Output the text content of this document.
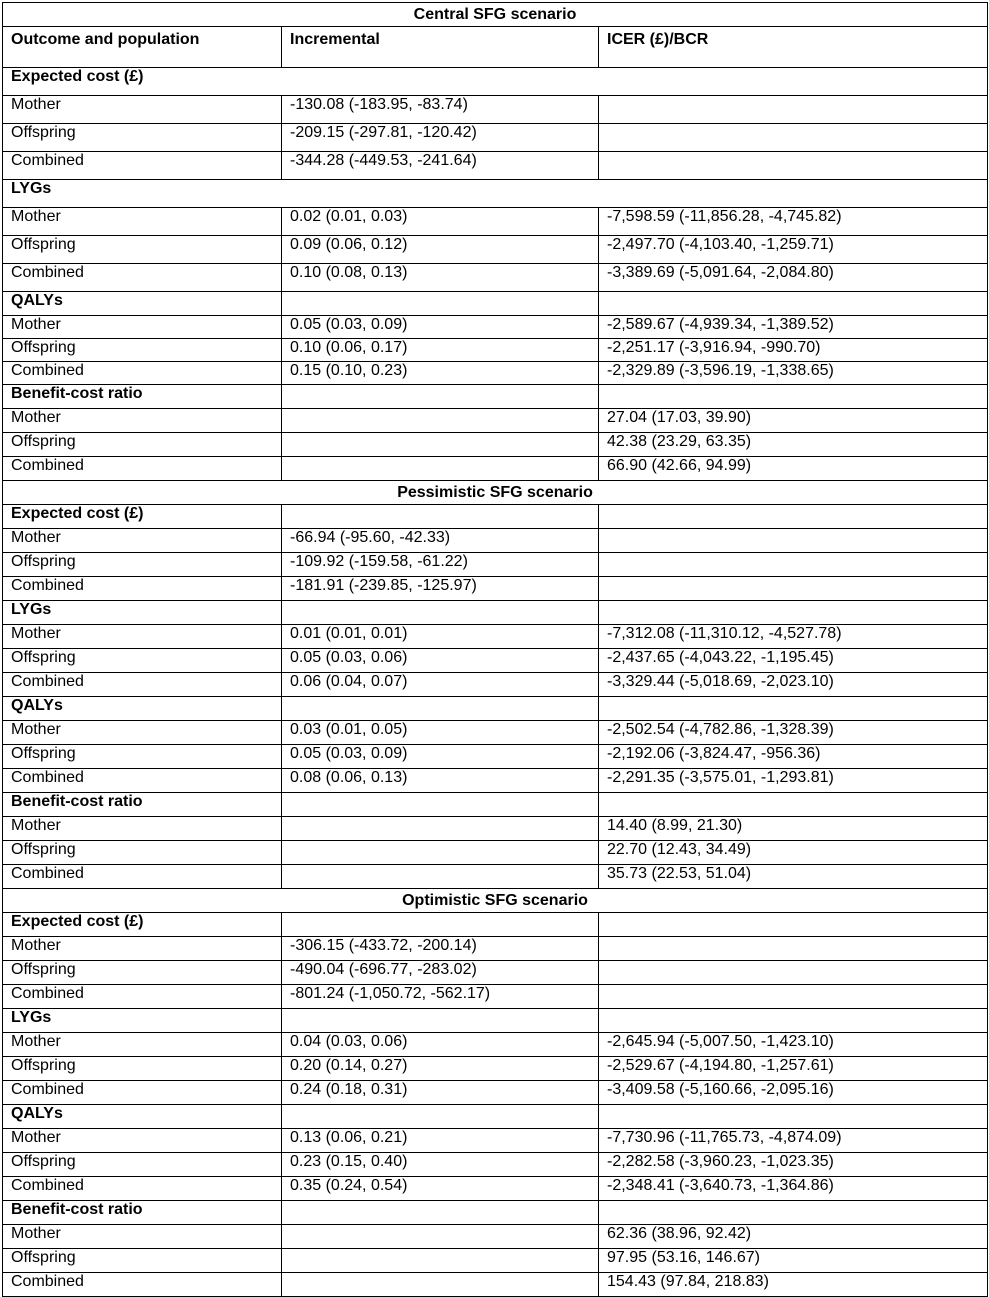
Central SFG scenario		
Outcome and population	Incremental	ICER (£)/BCR
Expected cost (£)		
Mother	-130.08 (-183.95, -83.74)	
Offspring	-209.15 (-297.81, -120.42)	
Combined	-344.28 (-449.53, -241.64)	
LYGs		
Mother	0.02 (0.01, 0.03)	-7,598.59 (-11,856.28, -4,745.82)
Offspring	0.09 (0.06, 0.12)	-2,497.70 (-4,103.40, -1,259.71)
Combined	0.10 (0.08, 0.13)	-3,389.69 (-5,091.64, -2,084.80)
QALYs		
Mother	0.05 (0.03, 0.09)	-2,589.67 (-4,939.34, -1,389.52)
Offspring	0.10 (0.06, 0.17)	-2,251.17 (-3,916.94, -990.70)
Combined	0.15 (0.10, 0.23)	-2,329.89 (-3,596.19, -1,338.65)
Benefit-cost ratio		
Mother		27.04 (17.03, 39.90)
Offspring		42.38 (23.29, 63.35)
Combined		66.90 (42.66, 94.99)
Pessimistic SFG scenario		
Expected cost (£)		
Mother	-66.94 (-95.60, -42.33)	
Offspring	-109.92 (-159.58, -61.22)	
Combined	-181.91 (-239.85, -125.97)	
LYGs		
Mother	0.01 (0.01, 0.01)	-7,312.08 (-11,310.12, -4,527.78)
Offspring	0.05 (0.03, 0.06)	-2,437.65 (-4,043.22, -1,195.45)
Combined	0.06 (0.04, 0.07)	-3,329.44 (-5,018.69, -2,023.10)
QALYs		
Mother	0.03 (0.01, 0.05)	-2,502.54 (-4,782.86, -1,328.39)
Offspring	0.05 (0.03, 0.09)	-2,192.06 (-3,824.47, -956.36)
Combined	0.08 (0.06, 0.13)	-2,291.35 (-3,575.01, -1,293.81)
Benefit-cost ratio		
Mother		14.40 (8.99, 21.30)
Offspring		22.70 (12.43, 34.49)
Combined		35.73 (22.53, 51.04)
Optimistic SFG scenario		
Expected cost (£)		
Mother	-306.15 (-433.72, -200.14)	
Offspring	-490.04 (-696.77, -283.02)	
Combined	-801.24 (-1,050.72, -562.17)	
LYGs		
Mother	0.04 (0.03, 0.06)	-2,645.94 (-5,007.50, -1,423.10)
Offspring	0.20 (0.14, 0.27)	-2,529.67 (-4,194.80, -1,257.61)
Combined	0.24 (0.18, 0.31)	-3,409.58 (-5,160.66, -2,095.16)
QALYs		
Mother	0.13 (0.06, 0.21)	-7,730.96 (-11,765.73, -4,874.09)
Offspring	0.23 (0.15, 0.40)	-2,282.58 (-3,960.23, -1,023.35)
Combined	0.35 (0.24, 0.54)	-2,348.41 (-3,640.73, -1,364.86)
Benefit-cost ratio		
Mother		62.36 (38.96, 92.42)
Offspring		97.95 (53.16, 146.67)
Combined		154.43 (97.84, 218.83)
